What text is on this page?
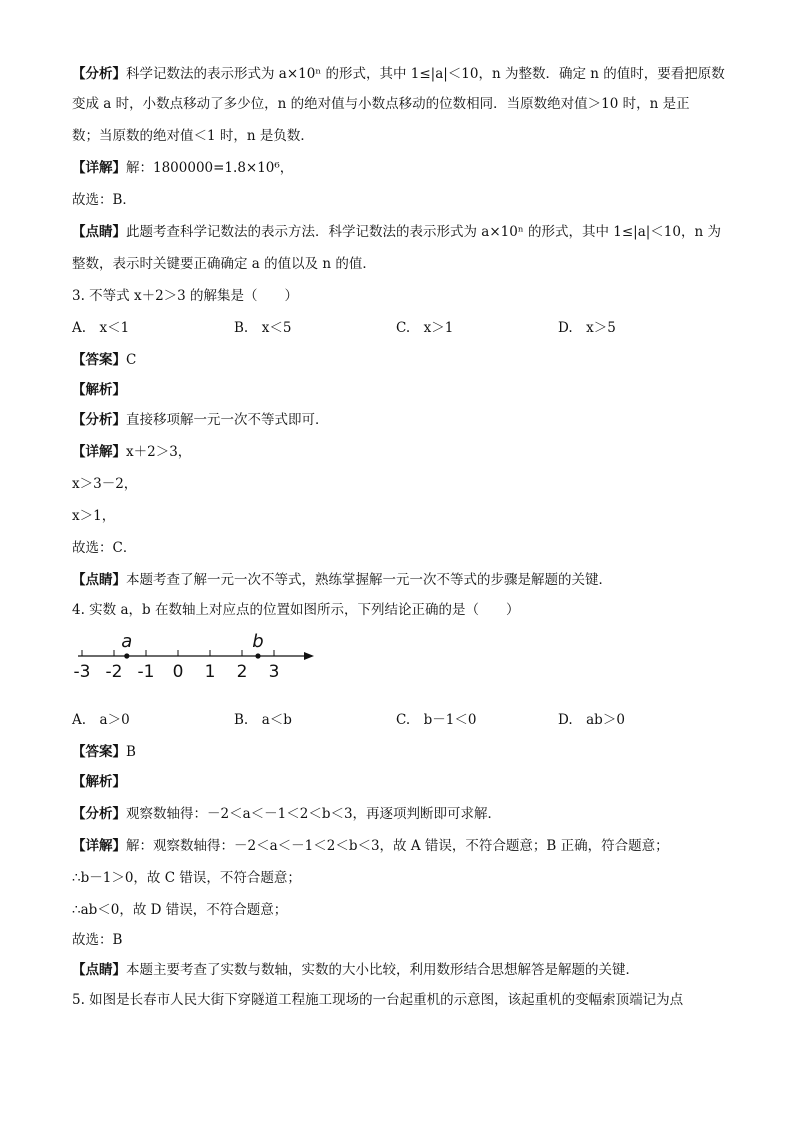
【分析】科学记数法的表示形式为 a×10ⁿ 的形式，其中 1≤|a|＜10，n 为整数．确定 n 的值时，要看把原数
变成 a 时，小数点移动了多少位，n 的绝对值与小数点移动的位数相同．当原数绝对值＞10 时，n 是正
数；当原数的绝对值＜1 时，n 是负数．
【详解】解：1800000=1.8×10⁶，
故选：B．
【点睛】此题考查科学记数法的表示方法．科学记数法的表示形式为 a×10ⁿ 的形式，其中 1≤|a|＜10，n 为
整数，表示时关键要正确确定 a 的值以及 n 的值．
3. 不等式 x＋2＞3 的解集是（　　）
A.　x＜1	B.　x＜5	C.　x＞1	D.　x＞5
【答案】C
【解析】
【分析】直接移项解一元一次不等式即可．
【详解】x＋2＞3，
x＞3－2，
x＞1，
故选：C．
【点睛】本题考查了解一元一次不等式，熟练掌握解一元一次不等式的步骤是解题的关键．
4. 实数 a，b 在数轴上对应点的位置如图所示，下列结论正确的是（　　）
-3 -2 -1 0 1 2 3
a	b
A.　a＞0	B.　a＜b	C.　b－1＜0	D.　ab＞0
【答案】B
【解析】
【分析】观察数轴得：－2＜a＜－1＜2＜b＜3，再逐项判断即可求解．
【详解】解：观察数轴得：－2＜a＜－1＜2＜b＜3，故 A 错误，不符合题意；B 正确，符合题意；
∴b－1＞0，故 C 错误，不符合题意；
∴ab＜0，故 D 错误，不符合题意；
故选：B
【点睛】本题主要考查了实数与数轴，实数的大小比较，利用数形结合思想解答是解题的关键．
5. 如图是长春市人民大街下穿隧道工程施工现场的一台起重机的示意图，该起重机的变幅索顶端记为点
